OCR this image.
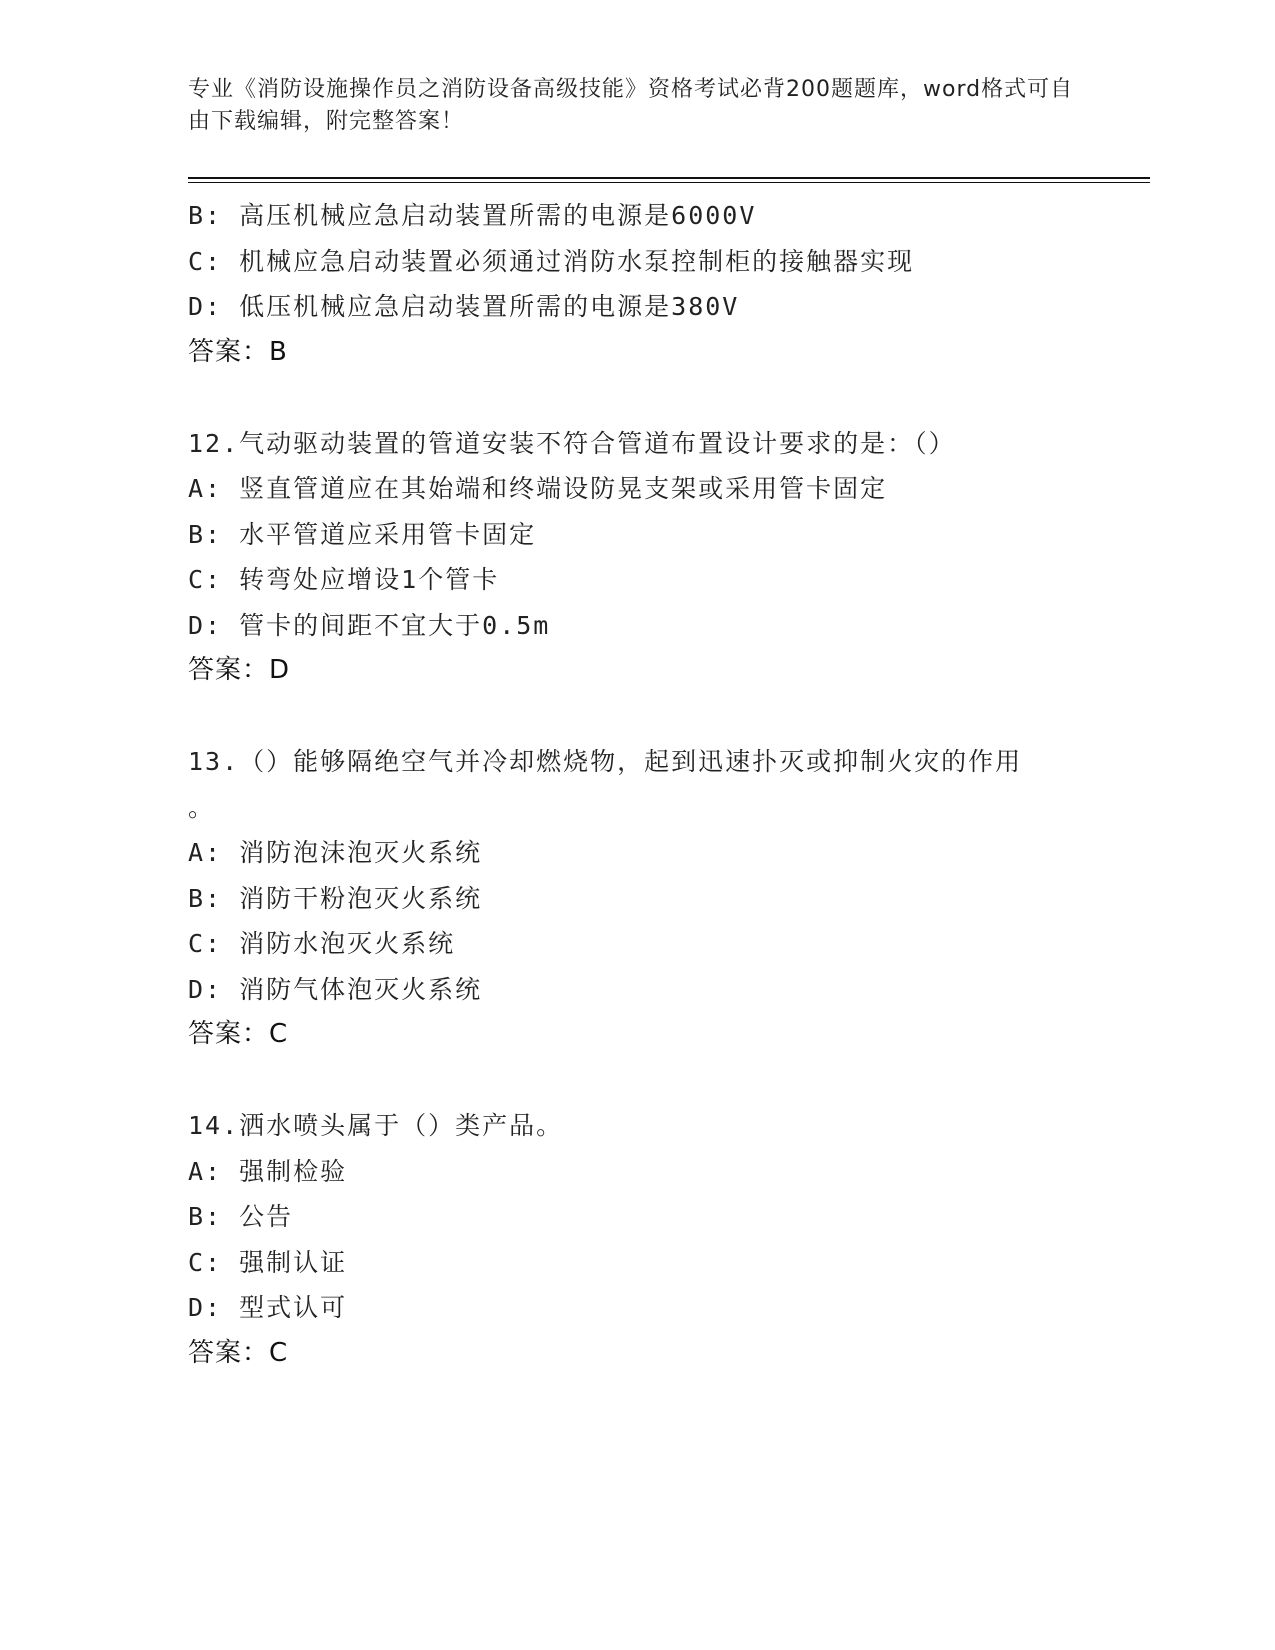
专业《消防设施操作员之消防设备高级技能》资格考试必背200题题库，word格式可自由下载编辑，附完整答案！
B: 高压机械应急启动装置所需的电源是6000V
C: 机械应急启动装置必须通过消防水泵控制柜的接触器实现
D: 低压机械应急启动装置所需的电源是380V
答案：B
12.气动驱动装置的管道安装不符合管道布置设计要求的是：（）
A: 竖直管道应在其始端和终端设防晃支架或采用管卡固定
B: 水平管道应采用管卡固定
C: 转弯处应增设1个管卡
D: 管卡的间距不宜大于0.5m
答案：D
13.（）能够隔绝空气并冷却燃烧物，起到迅速扑灭或抑制火灾的作用
。
A: 消防泡沫泡灭火系统
B: 消防干粉泡灭火系统
C: 消防水泡灭火系统
D: 消防气体泡灭火系统
答案：C
14.洒水喷头属于（）类产品。
A: 强制检验
B: 公告
C: 强制认证
D: 型式认可
答案：C
